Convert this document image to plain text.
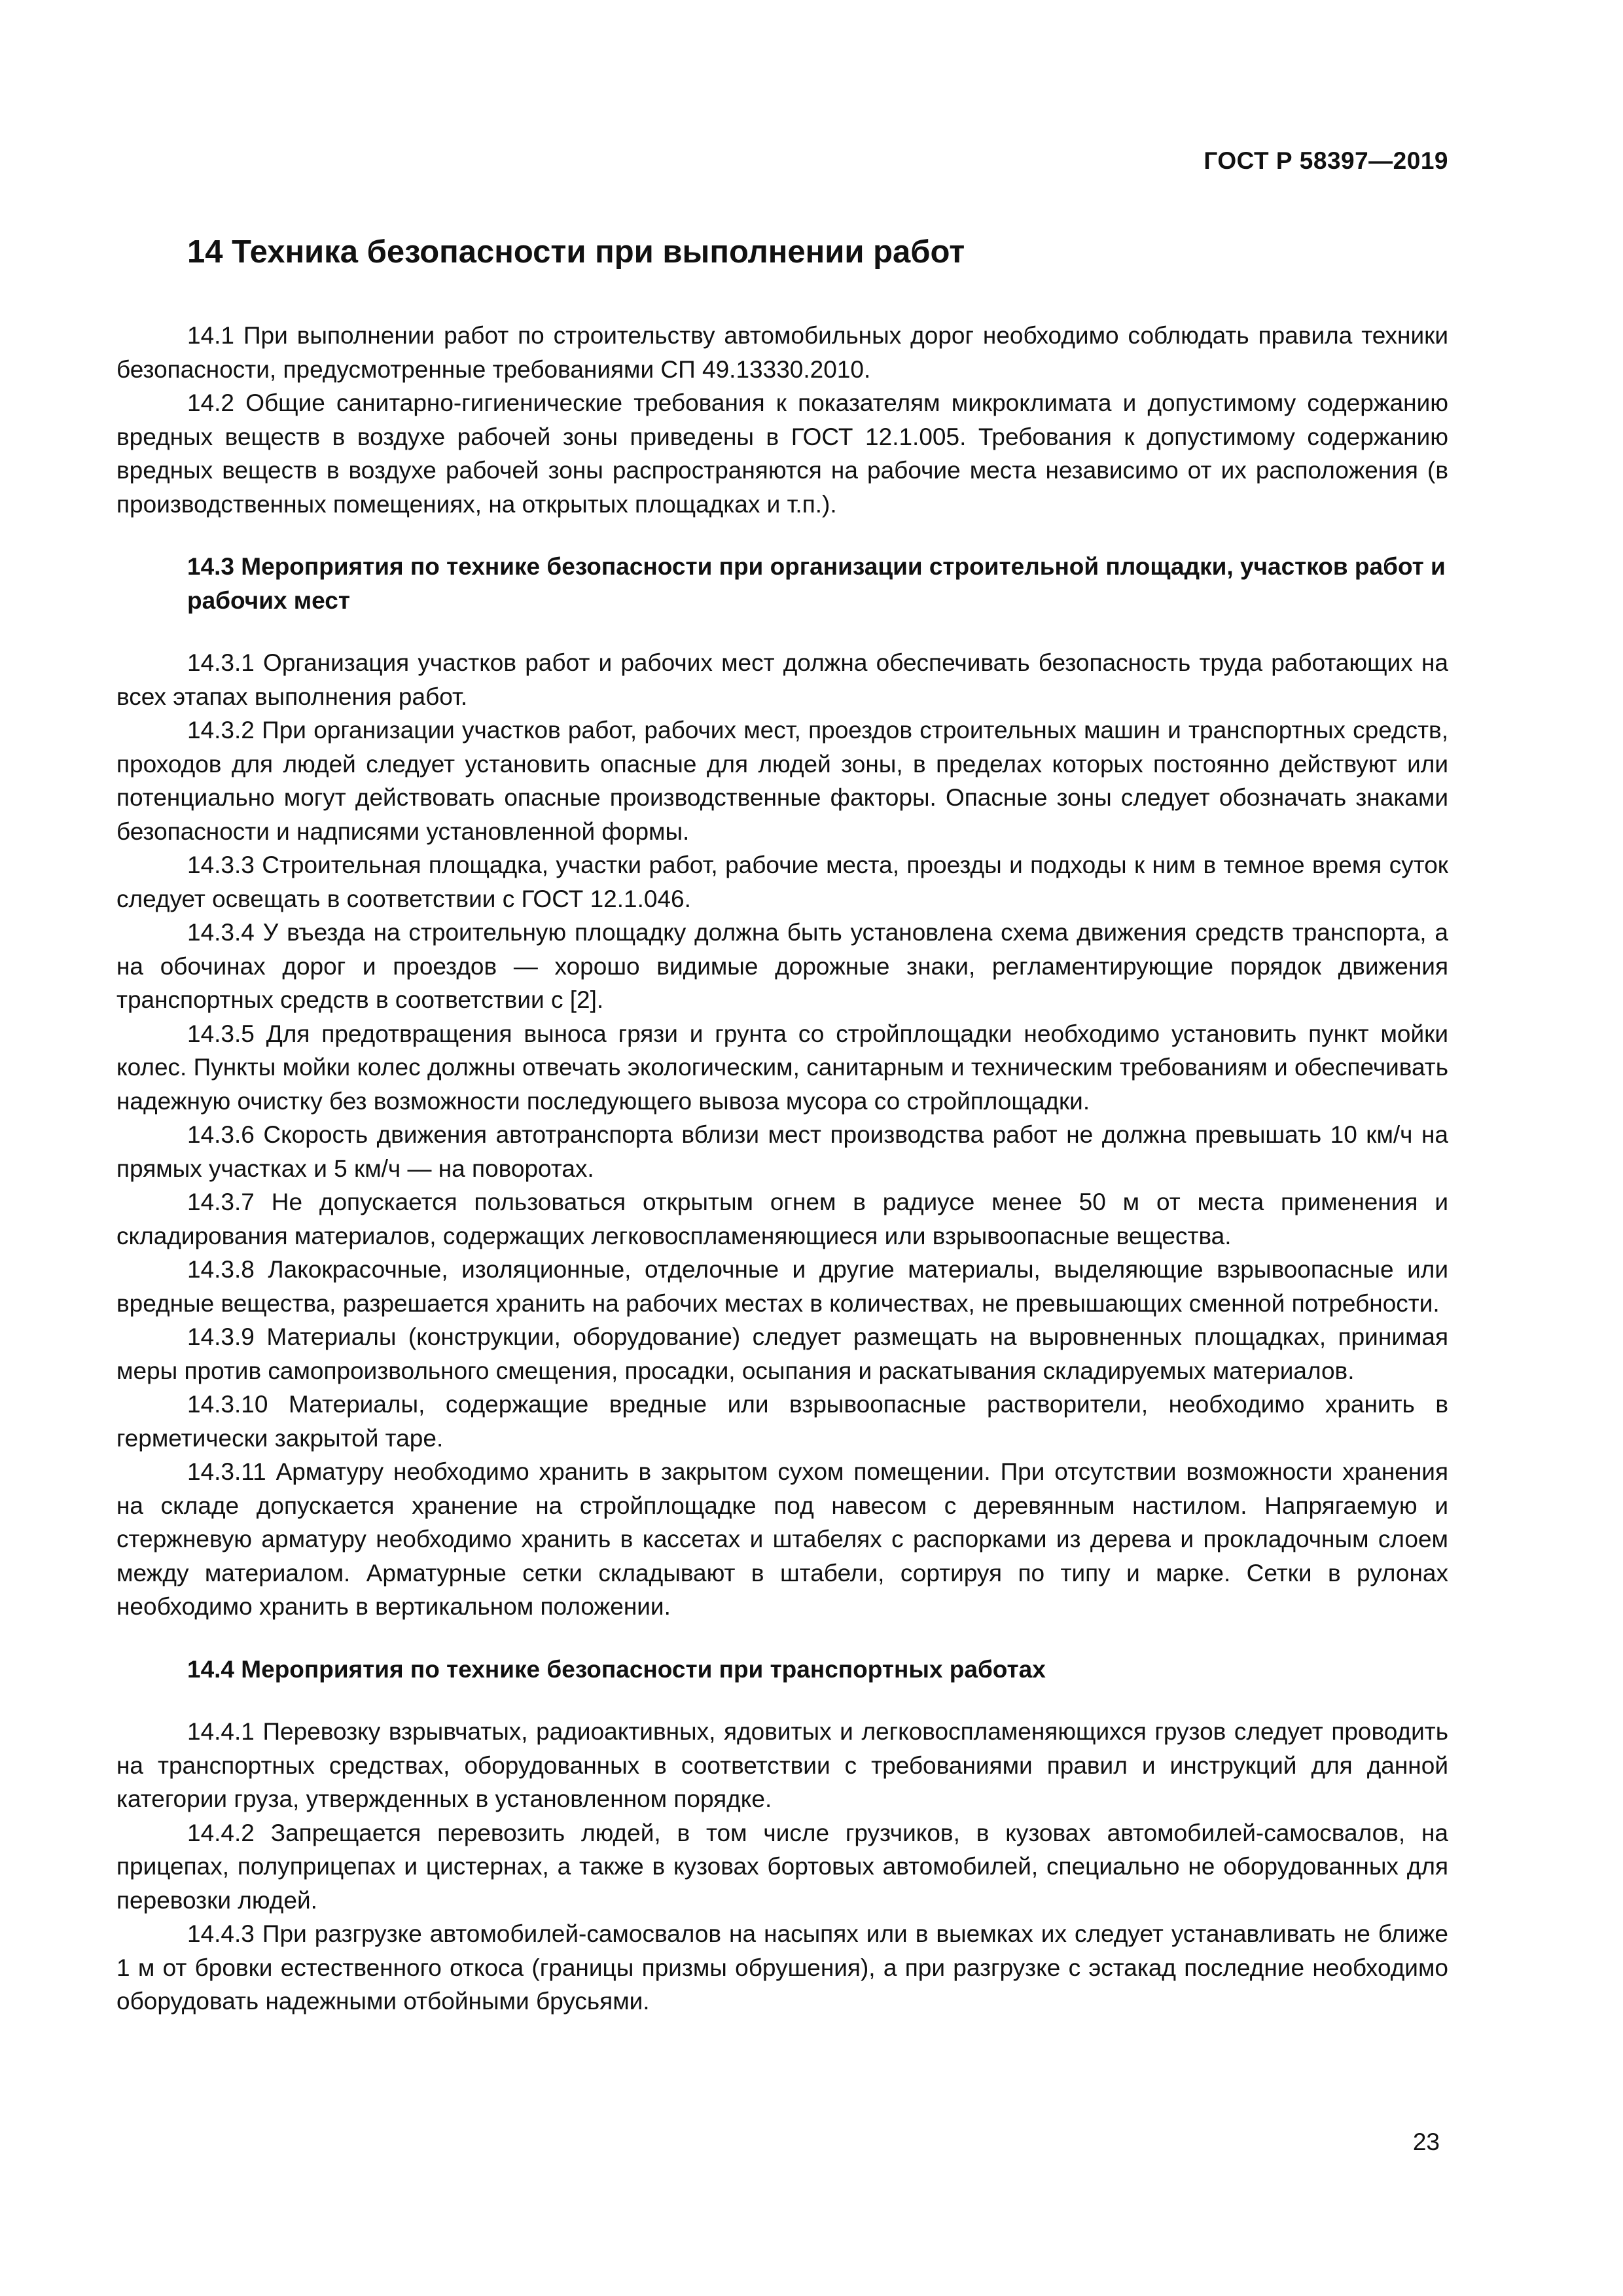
ГОСТ Р 58397—2019
14 Техника безопасности при выполнении работ

14.1 При выполнении работ по строительству автомобильных дорог необходимо соблюдать правила техники безопасности, предусмотренные требованиями СП 49.13330.2010.

14.2 Общие санитарно-гигиенические требования к показателям микроклимата и допустимому содержанию вредных веществ в воздухе рабочей зоны приведены в ГОСТ 12.1.005. Требования к допустимому содержанию вредных веществ в воздухе рабочей зоны распространяются на рабочие места независимо от их расположения (в производственных помещениях, на открытых площадках и т.п.).

14.3 Мероприятия по технике безопасности при организации строительной площадки, участков работ и рабочих мест

14.3.1 Организация участков работ и рабочих мест должна обеспечивать безопасность труда работающих на всех этапах выполнения работ.

14.3.2 При организации участков работ, рабочих мест, проездов строительных машин и транспортных средств, проходов для людей следует установить опасные для людей зоны, в пределах которых постоянно действуют или потенциально могут действовать опасные производственные факторы. Опасные зоны следует обозначать знаками безопасности и надписями установленной формы.

14.3.3 Строительная площадка, участки работ, рабочие места, проезды и подходы к ним в темное время суток следует освещать в соответствии с ГОСТ 12.1.046.

14.3.4 У въезда на строительную площадку должна быть установлена схема движения средств транспорта, а на обочинах дорог и проездов — хорошо видимые дорожные знаки, регламентирующие порядок движения транспортных средств в соответствии с [2].

14.3.5 Для предотвращения выноса грязи и грунта со стройплощадки необходимо установить пункт мойки колес. Пункты мойки колес должны отвечать экологическим, санитарным и техническим требованиям и обеспечивать надежную очистку без возможности последующего вывоза мусора со стройплощадки.

14.3.6 Скорость движения автотранспорта вблизи мест производства работ не должна превышать 10 км/ч на прямых участках и 5 км/ч — на поворотах.

14.3.7 Не допускается пользоваться открытым огнем в радиусе менее 50 м от места применения и складирования материалов, содержащих легковоспламеняющиеся или взрывоопасные вещества.

14.3.8 Лакокрасочные, изоляционные, отделочные и другие материалы, выделяющие взрывоопасные или вредные вещества, разрешается хранить на рабочих местах в количествах, не превышающих сменной потребности.

14.3.9 Материалы (конструкции, оборудование) следует размещать на выровненных площадках, принимая меры против самопроизвольного смещения, просадки, осыпания и раскатывания складируемых материалов.

14.3.10 Материалы, содержащие вредные или взрывоопасные растворители, необходимо хранить в герметически закрытой таре.

14.3.11 Арматуру необходимо хранить в закрытом сухом помещении. При отсутствии возможности хранения на складе допускается хранение на стройплощадке под навесом с деревянным настилом. Напрягаемую и стержневую арматуру необходимо хранить в кассетах и штабелях с распорками из дерева и прокладочным слоем между материалом. Арматурные сетки складывают в штабели, сортируя по типу и марке. Сетки в рулонах необходимо хранить в вертикальном положении.

14.4 Мероприятия по технике безопасности при транспортных работах

14.4.1 Перевозку взрывчатых, радиоактивных, ядовитых и легковоспламеняющихся грузов следует проводить на транспортных средствах, оборудованных в соответствии с требованиями правил и инструкций для данной категории груза, утвержденных в установленном порядке.

14.4.2 Запрещается перевозить людей, в том числе грузчиков, в кузовах автомобилей-самосвалов, на прицепах, полуприцепах и цистернах, а также в кузовах бортовых автомобилей, специально не оборудованных для перевозки людей.

14.4.3 При разгрузке автомобилей-самосвалов на насыпях или в выемках их следует устанавливать не ближе 1 м от бровки естественного откоса (границы призмы обрушения), а при разгрузке с эстакад последние необходимо оборудовать надежными отбойными брусьями.

23
